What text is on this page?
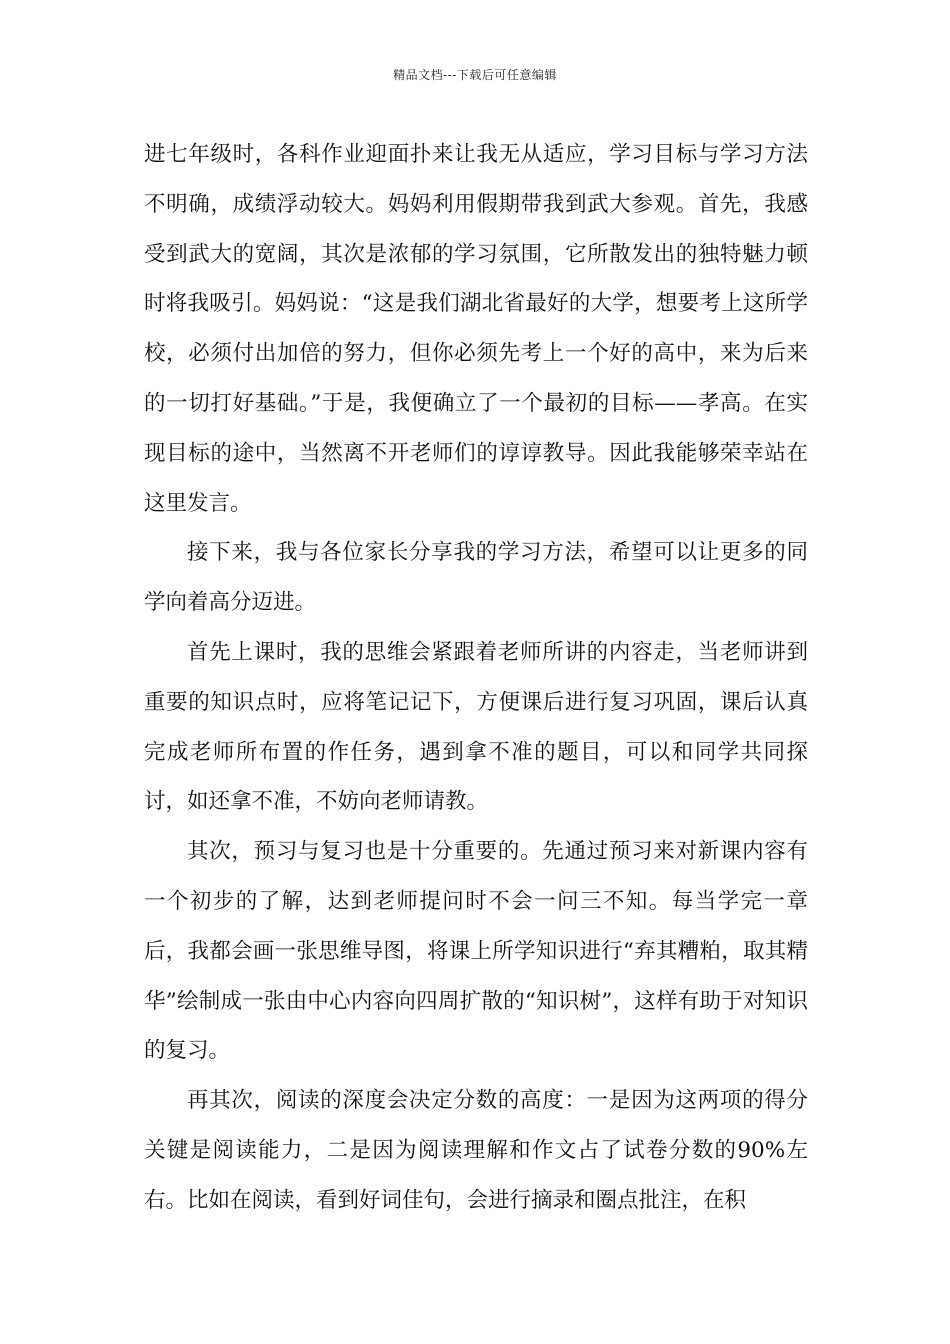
精品文档---下载后可任意编辑

进七年级时，各科作业迎面扑来让我无从适应，学习目标与学习方法不明确，成绩浮动较大。妈妈利用假期带我到武大参观。首先，我感受到武大的宽阔，其次是浓郁的学习氛围，它所散发出的独特魅力顿时将我吸引。妈妈说：“这是我们湖北省最好的大学，想要考上这所学校，必须付出加倍的努力，但你必须先考上一个好的高中，来为后来的一切打好基础。”于是，我便确立了一个最初的目标——孝高。在实现目标的途中，当然离不开老师们的谆谆教导。因此我能够荣幸站在这里发言。

接下来，我与各位家长分享我的学习方法，希望可以让更多的同学向着高分迈进。

首先上课时，我的思维会紧跟着老师所讲的内容走，当老师讲到重要的知识点时，应将笔记记下，方便课后进行复习巩固，课后认真完成老师所布置的作任务，遇到拿不准的题目，可以和同学共同探讨，如还拿不准，不妨向老师请教。

其次，预习与复习也是十分重要的。先通过预习来对新课内容有一个初步的了解，达到老师提问时不会一问三不知。每当学完一章后，我都会画一张思维导图，将课上所学知识进行“弃其糟粕，取其精华”绘制成一张由中心内容向四周扩散的“知识树”，这样有助于对知识的复习。

再其次，阅读的深度会决定分数的高度：一是因为这两项的得分关键是阅读能力，二是因为阅读理解和作文占了试卷分数的90%左右。比如在阅读，看到好词佳句，会进行摘录和圈点批注，在积
